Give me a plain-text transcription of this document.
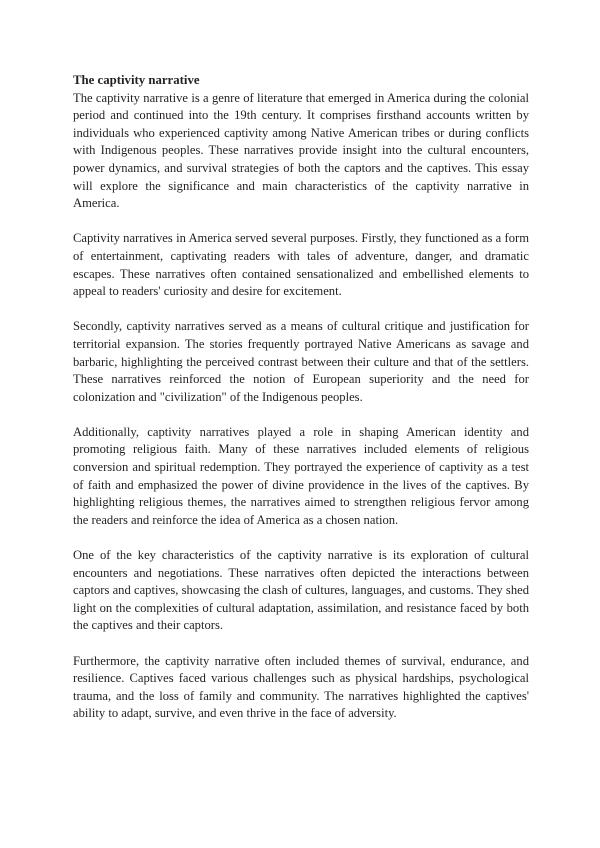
The captivity narrative

The captivity narrative is a genre of literature that emerged in America during the colonial period and continued into the 19th century. It comprises firsthand accounts written by individuals who experienced captivity among Native American tribes or during conflicts with Indigenous peoples. These narratives provide insight into the cultural encounters, power dynamics, and survival strategies of both the captors and the captives. This essay will explore the significance and main characteristics of the captivity narrative in America.

Captivity narratives in America served several purposes. Firstly, they functioned as a form of entertainment, captivating readers with tales of adventure, danger, and dramatic escapes. These narratives often contained sensationalized and embellished elements to appeal to readers' curiosity and desire for excitement.

Secondly, captivity narratives served as a means of cultural critique and justification for territorial expansion. The stories frequently portrayed Native Americans as savage and barbaric, highlighting the perceived contrast between their culture and that of the settlers. These narratives reinforced the notion of European superiority and the need for colonization and "civilization" of the Indigenous peoples.

Additionally, captivity narratives played a role in shaping American identity and promoting religious faith. Many of these narratives included elements of religious conversion and spiritual redemption. They portrayed the experience of captivity as a test of faith and emphasized the power of divine providence in the lives of the captives. By highlighting religious themes, the narratives aimed to strengthen religious fervor among the readers and reinforce the idea of America as a chosen nation.

One of the key characteristics of the captivity narrative is its exploration of cultural encounters and negotiations. These narratives often depicted the interactions between captors and captives, showcasing the clash of cultures, languages, and customs. They shed light on the complexities of cultural adaptation, assimilation, and resistance faced by both the captives and their captors.

Furthermore, the captivity narrative often included themes of survival, endurance, and resilience. Captives faced various challenges such as physical hardships, psychological trauma, and the loss of family and community. The narratives highlighted the captives' ability to adapt, survive, and even thrive in the face of adversity.
